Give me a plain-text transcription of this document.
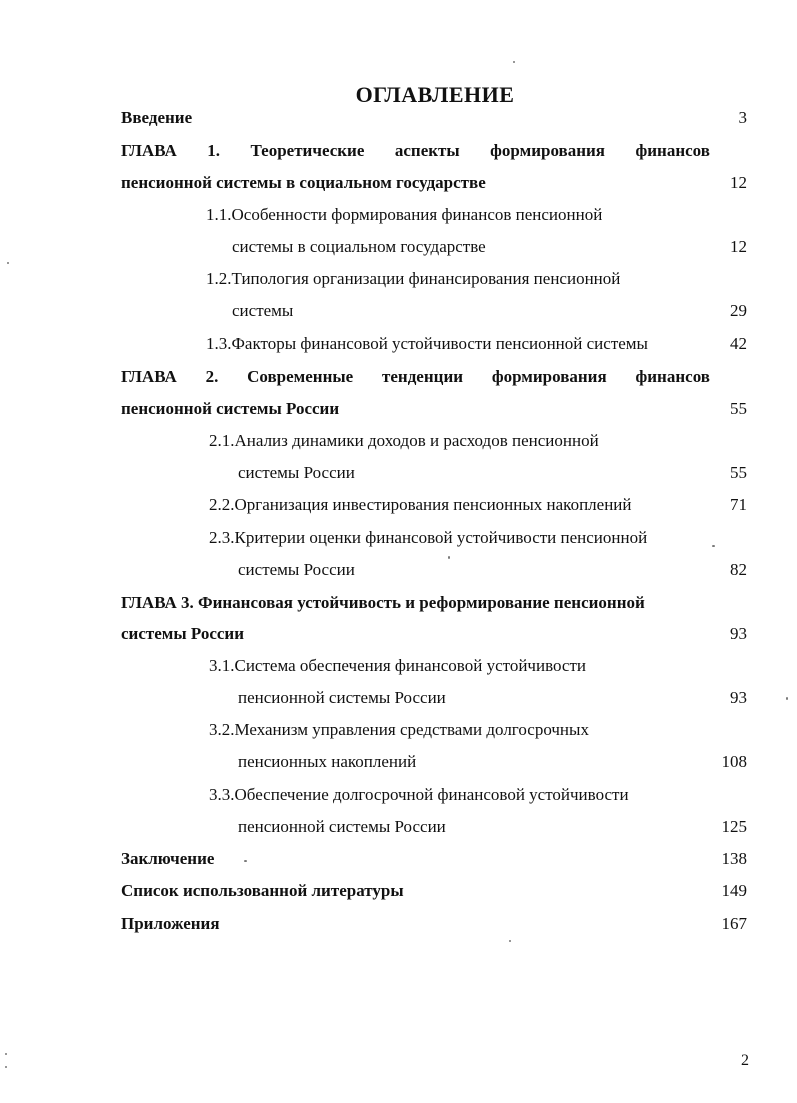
ОГЛАВЛЕНИЕ
Введение	3
ГЛАВА 1. Теоретические аспекты формирования финансов
пенсионной системы в социальном государстве	12
1.1.Особенности формирования финансов пенсионной
системы в социальном государстве	12
1.2.Типология организации финансирования пенсионной
системы	29
1.3.Факторы финансовой устойчивости пенсионной системы	42
ГЛАВА 2. Современные тенденции формирования финансов
пенсионной системы России	55
2.1.Анализ динамики доходов и расходов пенсионной
системы России	55
2.2.Организация инвестирования пенсионных накоплений	71
2.3.Критерии оценки финансовой устойчивости пенсионной
системы России	82
ГЛАВА 3. Финансовая устойчивость и реформирование пенсионной
системы России	93
3.1.Система обеспечения финансовой устойчивости
пенсионной системы России	93
3.2.Механизм управления средствами долгосрочных
пенсионных накоплений	108
3.3.Обеспечение долгосрочной финансовой устойчивости
пенсионной системы России	125
Заключение	138
Список использованной литературы	149
Приложения	167
2
